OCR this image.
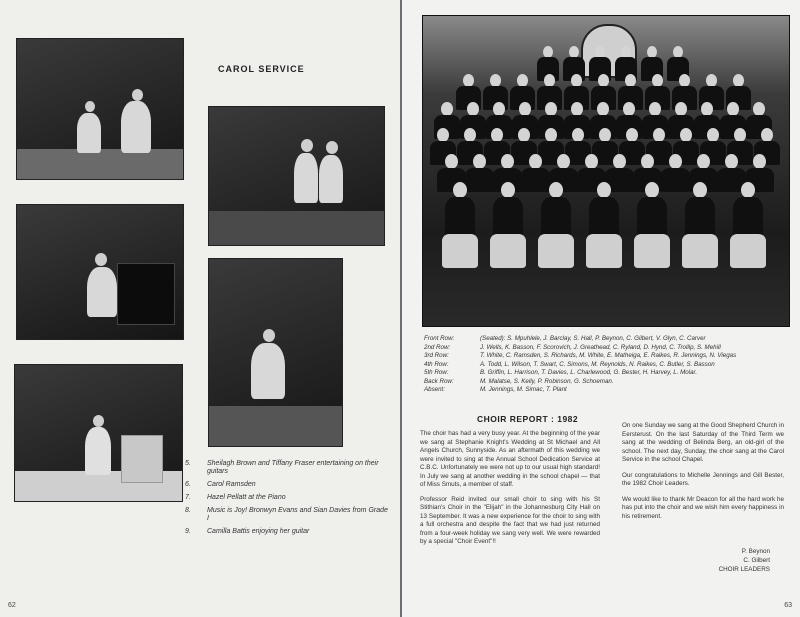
CAROL SERVICE
5.	Sheilagh Brown and Tiffany Fraser entertaining on their guitars
6.	Carol Ramsden
7.	Hazel Pellatt at the Piano
8.	Music is Joy! Bronwyn Evans and Sian Davies from Grade I
9.	Camilla Battis enjoying her guitar
62
Front Row:	(Seated): S. Mpuhlele, J. Barclay, S. Hall, P. Beynon, C. Gilbert, V. Glyn, C. Carver
2nd Row:	J. Wells, K. Basson, F. Scorovich, J. Greathead, C. Ryland, D. Hynd, C. Trollip, S. Mehill
3rd Row:	T. White, C. Ramsden, S. Richards, M. White, E. Matheiga, E. Raikes, R. Jennings, N. Viegas
4th Row:	A. Todd, L. Wilson, T. Swart, C. Simons, M. Reynolds, N. Raikes, C. Butler, S. Basson
5th Row:	B. Griffin, L. Harrison, T. Davies, L. Charlewood, G. Bester, H. Harvey, L. Molar.
Back Row:	M. Malatse, S. Kelly, P. Robinson, G. Schoeman.
Absent:	M. Jennings, M. Simac, T. Plant
CHOIR REPORT : 1982

The choir has had a very busy year. At the beginning of the year we sang at Stephanie Knight's Wedding at St Michael and All Angels Church, Sunnyside. As an aftermath of this wedding we were invited to sing at the Annual School Dedication Service at C.B.C. Unfortunately we were not up to our usual high standard! In July we sang at another wedding in the school chapel — that of Miss Smuts, a member of staff.

Professor Reid invited our small choir to sing with his St Stithian's Choir in the "Elijah" in the Johannesburg City Hall on 13 September. It was a new experience for the choir to sing with a full orchestra and despite the fact that we had just returned from a four-week holiday we sang very well. We were rewarded by a special "Choir Event"!!

On one Sunday we sang at the Good Shepherd Church in Eersterust. On the last Saturday of the Third Term we sang at the wedding of Belinda Berg, an old-girl of the school. The next day, Sunday, the choir sang at the Carol Service in the school Chapel.

Our congratulations to Michelle Jennings and Gill Bester, the 1982 Choir Leaders.

We would like to thank Mr Deacon for all the hard work he has put into the choir and we wish him every happiness in his retirement.

P. Beynon
C. Gilbert
CHOIR LEADERS
63
